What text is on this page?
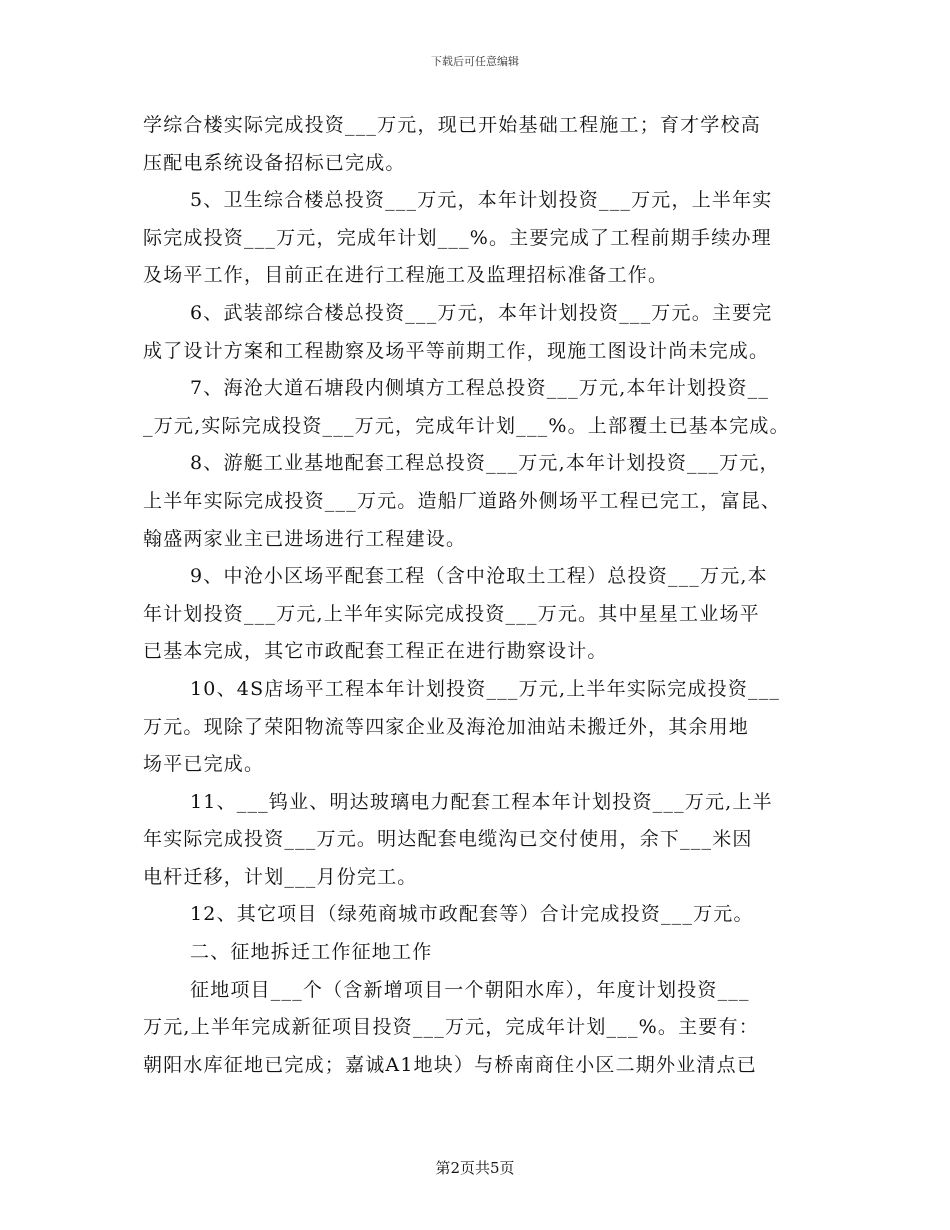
下载后可任意编辑
学综合楼实际完成投资___万元，现已开始基础工程施工；育才学校高
压配电系统设备招标已完成。
5、卫生综合楼总投资___万元，本年计划投资___万元，上半年实
际完成投资___万元，完成年计划___%。主要完成了工程前期手续办理
及场平工作，目前正在进行工程施工及监理招标准备工作。
6、武装部综合楼总投资___万元，本年计划投资___万元。主要完
成了设计方案和工程勘察及场平等前期工作，现施工图设计尚未完成。
7、海沧大道石塘段内侧填方工程总投资___万元,本年计划投资__
_万元,实际完成投资___万元，完成年计划___%。上部覆土已基本完成。
8、游艇工业基地配套工程总投资___万元,本年计划投资___万元，
上半年实际完成投资___万元。造船厂道路外侧场平工程已完工，富昆、
翰盛两家业主已进场进行工程建设。
9、中沧小区场平配套工程（含中沧取土工程）总投资___万元,本
年计划投资___万元,上半年实际完成投资___万元。其中星星工业场平
已基本完成，其它市政配套工程正在进行勘察设计。
10、4S店场平工程本年计划投资___万元,上半年实际完成投资___
万元。现除了荣阳物流等四家企业及海沧加油站未搬迁外，其余用地
场平已完成。
11、___钨业、明达玻璃电力配套工程本年计划投资___万元,上半
年实际完成投资___万元。明达配套电缆沟已交付使用，余下___米因
电杆迁移，计划___月份完工。
12、其它项目（绿苑商城市政配套等）合计完成投资___万元。
二、征地拆迁工作征地工作
征地项目___个（含新增项目一个朝阳水库），年度计划投资___
万元,上半年完成新征项目投资___万元，完成年计划___%。主要有：
朝阳水库征地已完成；嘉诚A1地块）与桥南商住小区二期外业清点已
第2页共5页
